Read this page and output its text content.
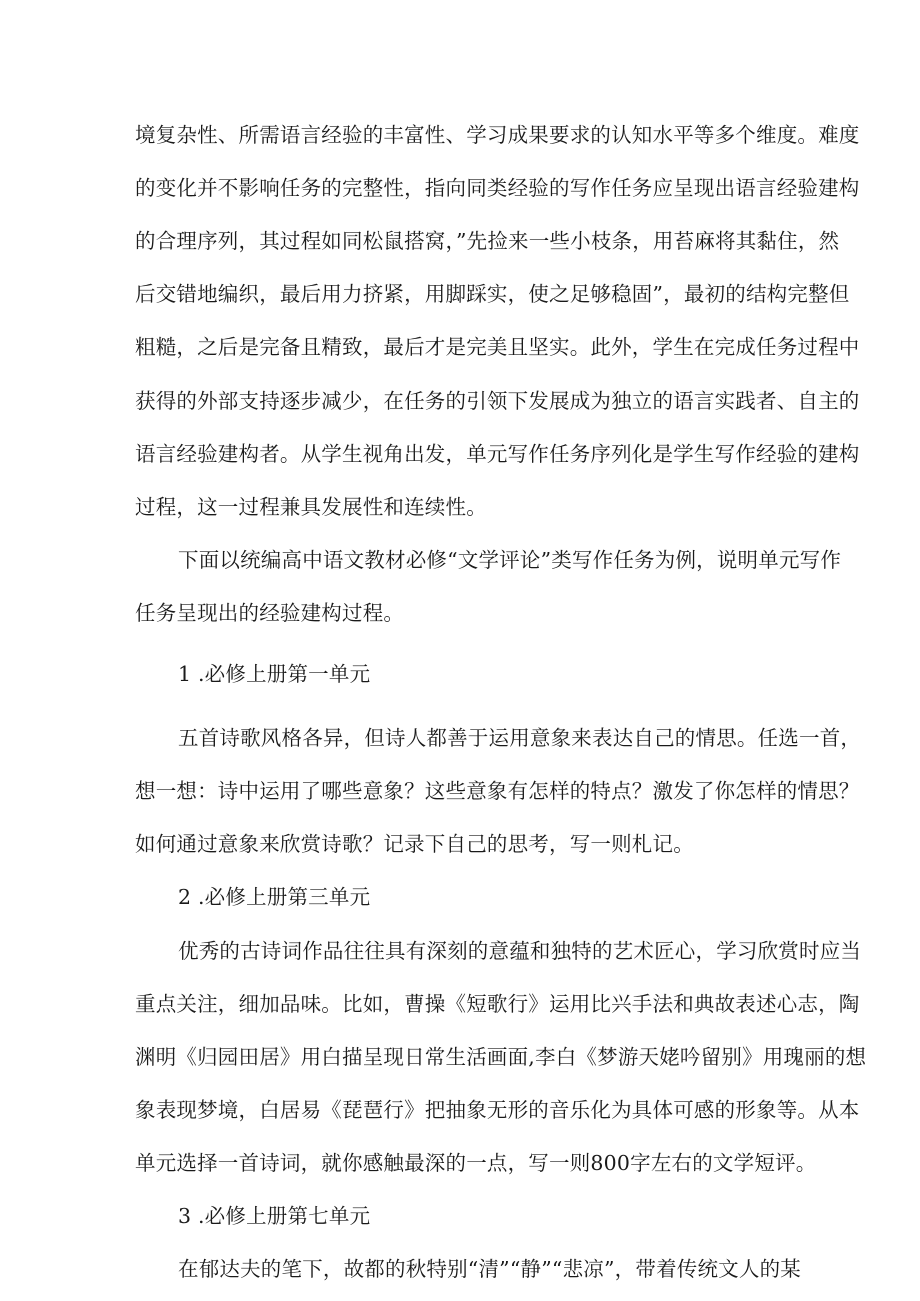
境复杂性、所需语言经验的丰富性、学习成果要求的认知水平等多个维度。难度
的变化并不影响任务的完整性，指向同类经验的写作任务应呈现出语言经验建构
的合理序列，其过程如同松鼠搭窝，”先捡来一些小枝条，用苔麻将其黏住，然
后交错地编织，最后用力挤紧，用脚踩实，使之足够稳固”，最初的结构完整但
粗糙，之后是完备且精致，最后才是完美且坚实。此外，学生在完成任务过程中
获得的外部支持逐步减少，在任务的引领下发展成为独立的语言实践者、自主的
语言经验建构者。从学生视角出发，单元写作任务序列化是学生写作经验的建构
过程，这一过程兼具发展性和连续性。
下面以统编高中语文教材必修“文学评论”类写作任务为例，说明单元写作
任务呈现出的经验建构过程。
1 .必修上册第一单元
五首诗歌风格各异，但诗人都善于运用意象来表达自己的情思。任选一首，
想一想：诗中运用了哪些意象？这些意象有怎样的特点？激发了你怎样的情思？
如何通过意象来欣赏诗歌？记录下自己的思考，写一则札记。
2 .必修上册第三单元
优秀的古诗词作品往往具有深刻的意蕴和独特的艺术匠心，学习欣赏时应当
重点关注，细加品味。比如，曹操《短歌行》运用比兴手法和典故表述心志，陶
渊明《归园田居》用白描呈现日常生活画面,李白《梦游天姥吟留别》用瑰丽的想
象表现梦境，白居易《琵琶行》把抽象无形的音乐化为具体可感的形象等。从本
单元选择一首诗词，就你感触最深的一点，写一则800字左右的文学短评。
3 .必修上册第七单元
在郁达夫的笔下，故都的秋特别“清”“静”“悲凉”，带着传统文人的某
